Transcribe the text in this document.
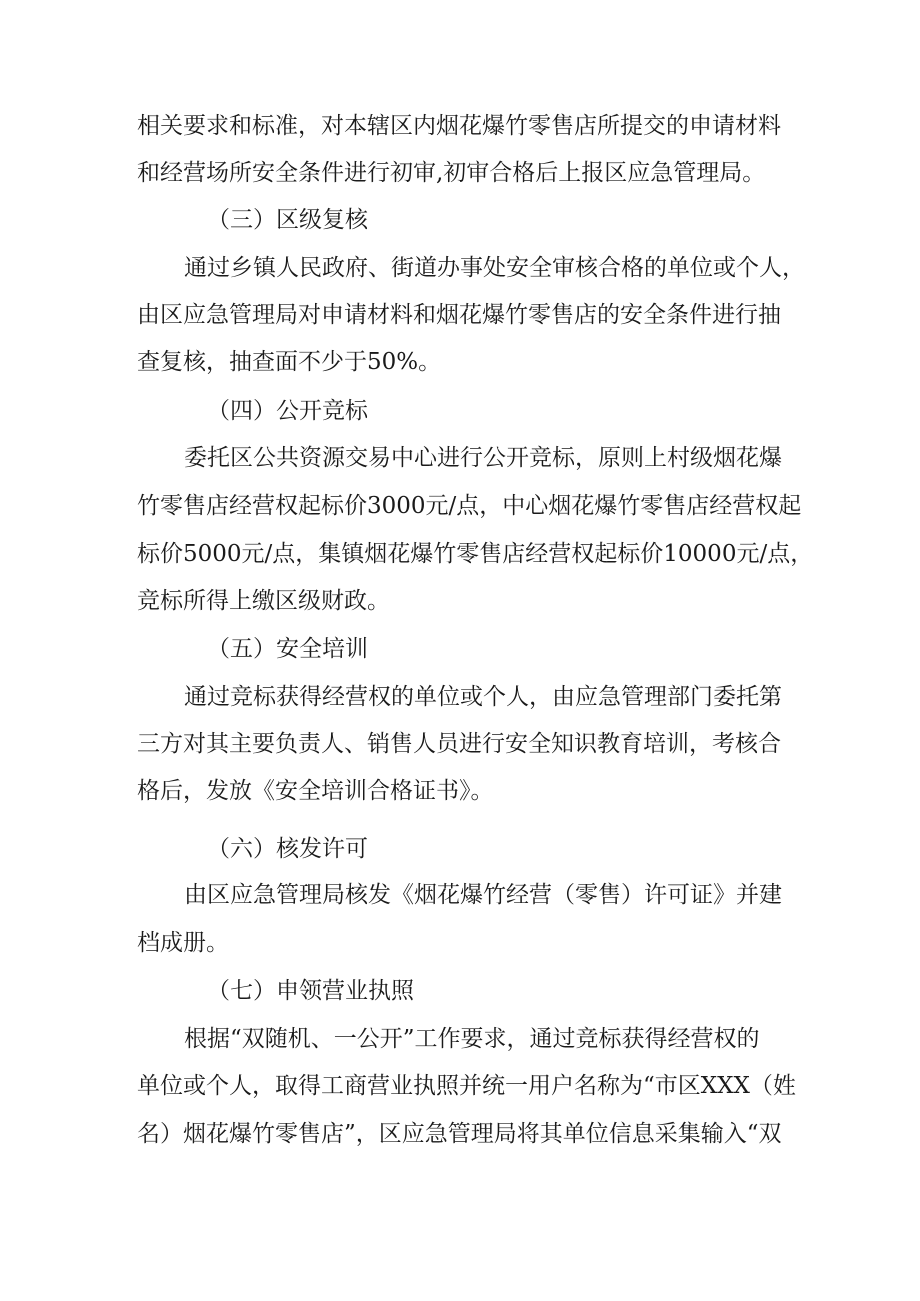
相关要求和标准，对本辖区内烟花爆竹零售店所提交的申请材料
和经营场所安全条件进行初审,初审合格后上报区应急管理局。
（三）区级复核
通过乡镇人民政府、街道办事处安全审核合格的单位或个人，
由区应急管理局对申请材料和烟花爆竹零售店的安全条件进行抽
查复核，抽查面不少于50%。
（四）公开竞标
委托区公共资源交易中心进行公开竞标，原则上村级烟花爆
竹零售店经营权起标价3000元/点，中心烟花爆竹零售店经营权起
标价5000元/点，集镇烟花爆竹零售店经营权起标价10000元/点，
竞标所得上缴区级财政。
（五）安全培训
通过竞标获得经营权的单位或个人，由应急管理部门委托第
三方对其主要负责人、销售人员进行安全知识教育培训，考核合
格后，发放《安全培训合格证书》。
（六）核发许可
由区应急管理局核发《烟花爆竹经营（零售）许可证》并建
档成册。
（七）申领营业执照
根据“双随机、一公开”工作要求，通过竞标获得经营权的
单位或个人，取得工商营业执照并统一用户名称为“市区XXX（姓
名）烟花爆竹零售店”，区应急管理局将其单位信息采集输入“双
